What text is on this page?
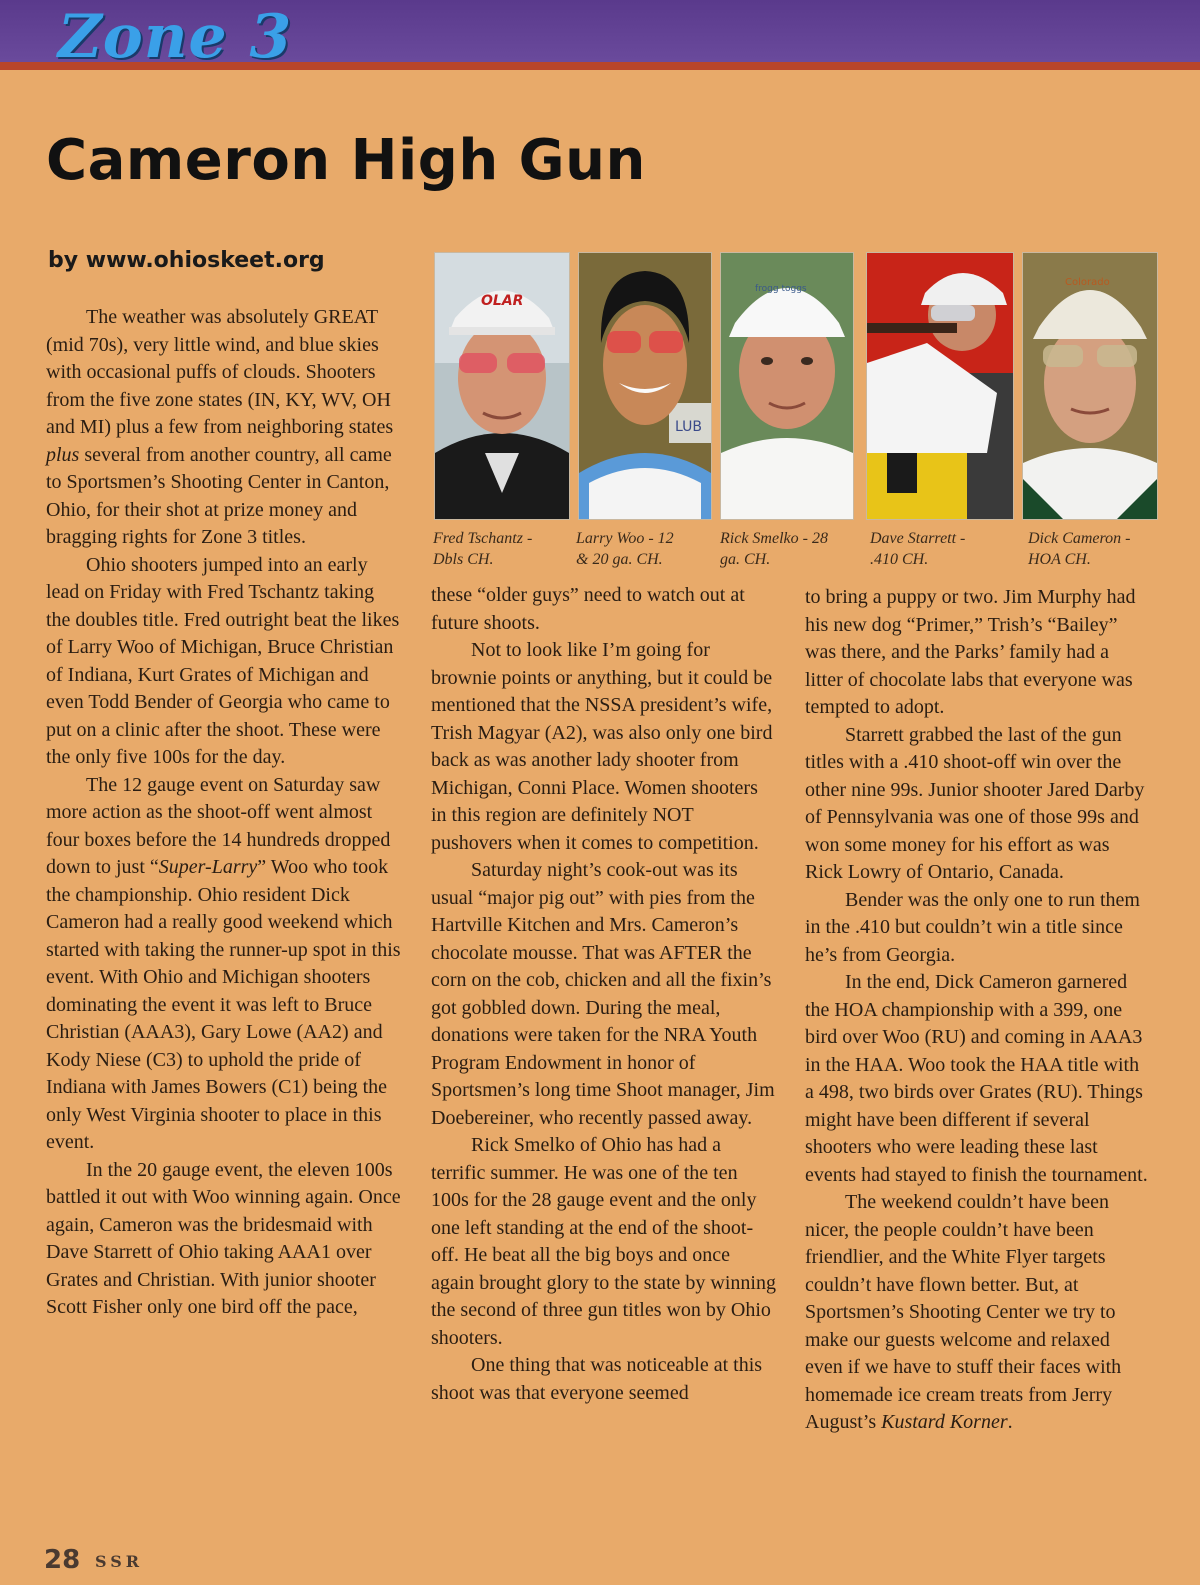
Zone 3
Cameron High Gun
by www.ohioskeet.org

The weather was absolutely GREAT (mid 70s), very little wind, and blue skies with occasional puffs of clouds. Shooters from the five zone states (IN, KY, WV, OH and MI) plus a few from neighboring states plus several from another country, all came to Sportsmen’s Shooting Center in Canton, Ohio, for their shot at prize money and bragging rights for Zone 3 titles.

Ohio shooters jumped into an early lead on Friday with Fred Tschantz taking the doubles title. Fred outright beat the likes of Larry Woo of Michigan, Bruce Christian of Indiana, Kurt Grates of Michigan and even Todd Bender of Georgia who came to put on a clinic after the shoot. These were the only five 100s for the day.

The 12 gauge event on Saturday saw more action as the shoot-off went almost four boxes before the 14 hundreds dropped down to just “Super-Larry” Woo who took the championship. Ohio resident Dick Cameron had a really good weekend which started with taking the runner-up spot in this event. With Ohio and Michigan shooters dominating the event it was left to Bruce Christian (AAA3), Gary Lowe (AA2) and Kody Niese (C3) to uphold the pride of Indiana with James Bowers (C1) being the only West Virginia shooter to place in this event.

In the 20 gauge event, the eleven 100s battled it out with Woo winning again. Once again, Cameron was the bridesmaid with Dave Starrett of Ohio taking AAA1 over Grates and Christian. With junior shooter Scott Fisher only one bird off the pace,

OLAR
LUB
frogg toggs
Colorado
Fred Tschantz -
Dbls CH.
Larry Woo - 12
& 20 ga. CH.
Rick Smelko - 28
ga. CH.
Dave Starrett -
.410 CH.
Dick Cameron -
HOA CH.

these “older guys” need to watch out at future shoots.

Not to look like I’m going for brownie points or anything, but it could be mentioned that the NSSA president’s wife, Trish Magyar (A2), was also only one bird back as was another lady shooter from Michigan, Conni Place. Women shooters in this region are definitely NOT pushovers when it comes to competition.

Saturday night’s cook-out was its usual “major pig out” with pies from the Hartville Kitchen and Mrs. Cameron’s chocolate mousse. That was AFTER the corn on the cob, chicken and all the fixin’s got gobbled down. During the meal, donations were taken for the NRA Youth Program Endowment in honor of Sportsmen’s long time Shoot manager, Jim Doebereiner, who recently passed away.

Rick Smelko of Ohio has had a terrific summer. He was one of the ten 100s for the 28 gauge event and the only one left standing at the end of the shoot-off. He beat all the big boys and once again brought glory to the state by winning the second of three gun titles won by Ohio shooters.

One thing that was noticeable at this shoot was that everyone seemed

to bring a puppy or two. Jim Murphy had his new dog “Primer,” Trish’s “Bailey” was there, and the Parks’ family had a litter of chocolate labs that everyone was tempted to adopt.

Starrett grabbed the last of the gun titles with a .410 shoot-off win over the other nine 99s. Junior shooter Jared Darby of Pennsylvania was one of those 99s and won some money for his effort as was Rick Lowry of Ontario, Canada.

Bender was the only one to run them in the .410 but couldn’t win a title since he’s from Georgia.

In the end, Dick Cameron garnered the HOA championship with a 399, one bird over Woo (RU) and coming in AAA3 in the HAA. Woo took the HAA title with a 498, two birds over Grates (RU). Things might have been different if several shooters who were leading these last events had stayed to finish the tournament.

The weekend couldn’t have been nicer, the people couldn’t have been friendlier, and the White Flyer targets couldn’t have flown better. But, at Sportsmen’s Shooting Center we try to make our guests welcome and relaxed even if we have to stuff their faces with homemade ice cream treats from Jerry August’s Kustard Korner.

28 SSR
